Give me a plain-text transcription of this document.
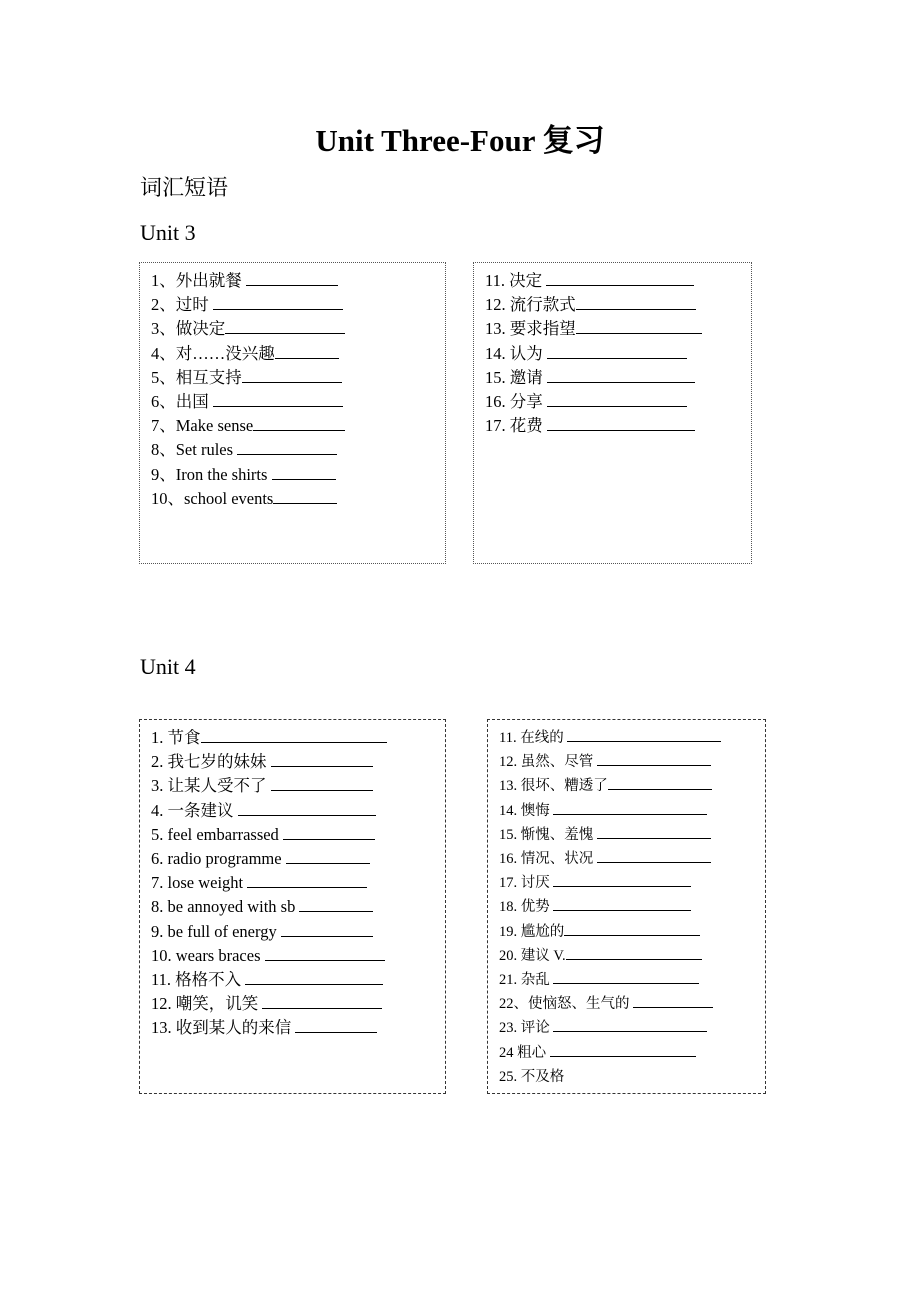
Unit Three-Four 复习
词汇短语
Unit 3
1、外出就餐
2、过时
3、做决定
4、对……没兴趣
5、相互支持
6、出国
7、Make sense
8、Set rules
9、Iron the shirts
10、school events
11. 决定
12. 流行款式
13. 要求指望
14. 认为
15. 邀请
16. 分享
17. 花费
Unit 4
1. 节食
2. 我七岁的妹妹
3. 让某人受不了
4. 一条建议
5. feel embarrassed
6. radio programme
7. lose weight
8. be annoyed with sb
9. be full of energy
10. wears braces
11. 格格不入
12. 嘲笑，讥笑
13. 收到某人的来信
11. 在线的
12. 虽然、尽管
13. 很坏、糟透了
14. 懊悔
15. 惭愧、羞愧
16. 情况、状况
17. 讨厌
18. 优势
19. 尴尬的
20. 建议 V.
21. 杂乱
22、使恼怒、生气的
23. 评论
24 粗心
25. 不及格
